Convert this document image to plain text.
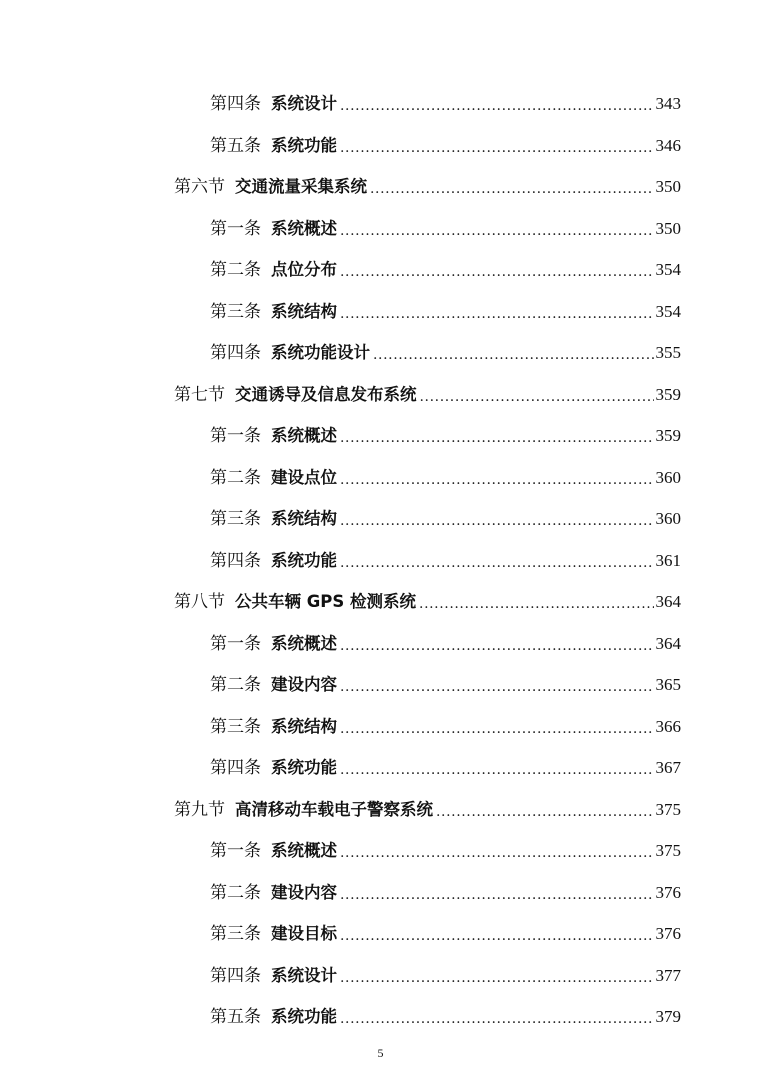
第四条 系统设计 .....	343
第五条 系统功能 .....	346
第六节 交通流量采集系统 .....	350
第一条 系统概述 .....	350
第二条 点位分布 .....	354
第三条 系统结构 .....	354
第四条 系统功能设计 .....	355
第七节 交通诱导及信息发布系统 .....	359
第一条 系统概述 .....	359
第二条 建设点位 .....	360
第三条 系统结构 .....	360
第四条 系统功能 .....	361
第八节 公共车辆 GPS 检测系统 .....	364
第一条 系统概述 .....	364
第二条 建设内容 .....	365
第三条 系统结构 .....	366
第四条 系统功能 .....	367
第九节 高清移动车载电子警察系统 .....	375
第一条 系统概述 .....	375
第二条 建设内容 .....	376
第三条 建设目标 .....	376
第四条 系统设计 .....	377
第五条 系统功能 .....	379
5
